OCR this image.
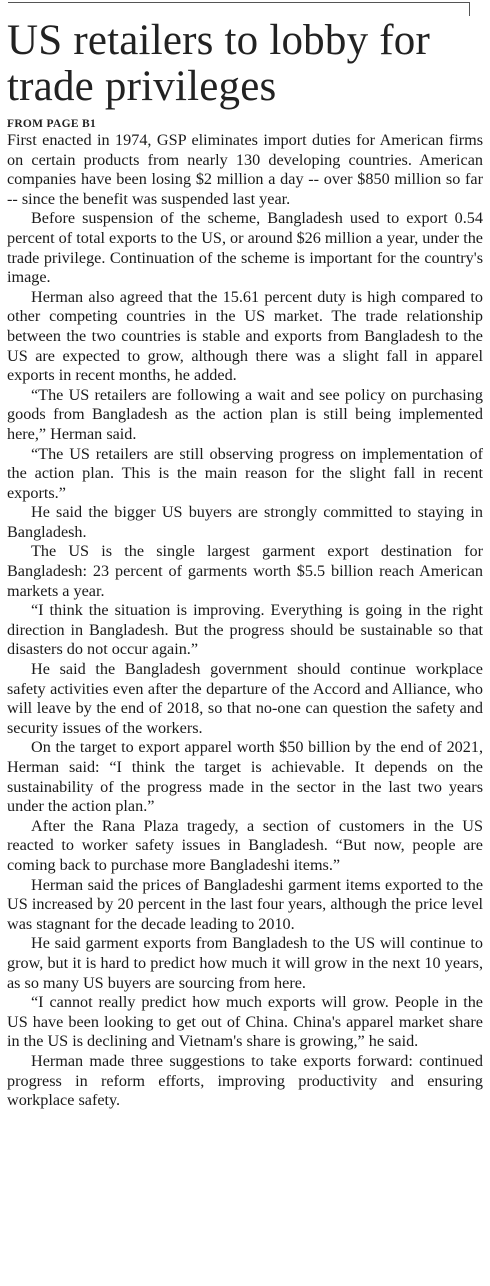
US retailers to lobby for trade privileges
FROM PAGE B1

First enacted in 1974, GSP eliminates import duties for American firms on certain products from nearly 130 developing countries. American companies have been losing $2 million a day -- over $850 million so far -- since the benefit was suspended last year.

Before suspension of the scheme, Bangladesh used to export 0.54 percent of total exports to the US, or around $26 million a year, under the trade privilege. Continuation of the scheme is important for the country's image.

Herman also agreed that the 15.61 percent duty is high compared to other competing countries in the US market. The trade relationship between the two countries is stable and exports from Bangladesh to the US are expected to grow, although there was a slight fall in apparel exports in recent months, he added.

“The US retailers are following a wait and see policy on purchasing goods from Bangladesh as the action plan is still being implemented here,” Herman said.

“The US retailers are still observing progress on implementation of the action plan. This is the main reason for the slight fall in recent exports.”

He said the bigger US buyers are strongly committed to staying in Bangladesh.

The US is the single largest garment export destination for Bangladesh: 23 percent of garments worth $5.5 billion reach American markets a year.

“I think the situation is improving. Everything is going in the right direction in Bangladesh. But the progress should be sustainable so that disasters do not occur again.”

He said the Bangladesh government should continue workplace safety activities even after the departure of the Accord and Alliance, who will leave by the end of 2018, so that no-one can question the safety and security issues of the workers.

On the target to export apparel worth $50 billion by the end of 2021, Herman said: “I think the target is achievable. It depends on the sustainability of the progress made in the sector in the last two years under the action plan.”

After the Rana Plaza tragedy, a section of customers in the US reacted to worker safety issues in Bangladesh. “But now, people are coming back to purchase more Bangladeshi items.”

Herman said the prices of Bangladeshi garment items exported to the US increased by 20 percent in the last four years, although the price level was stagnant for the decade leading to 2010.

He said garment exports from Bangladesh to the US will continue to grow, but it is hard to predict how much it will grow in the next 10 years, as so many US buyers are sourcing from here.

“I cannot really predict how much exports will grow. People in the US have been looking to get out of China. China's apparel market share in the US is declining and Vietnam's share is growing,” he said.

Herman made three suggestions to take exports forward: continued progress in reform efforts, improving productivity and ensuring workplace safety.
